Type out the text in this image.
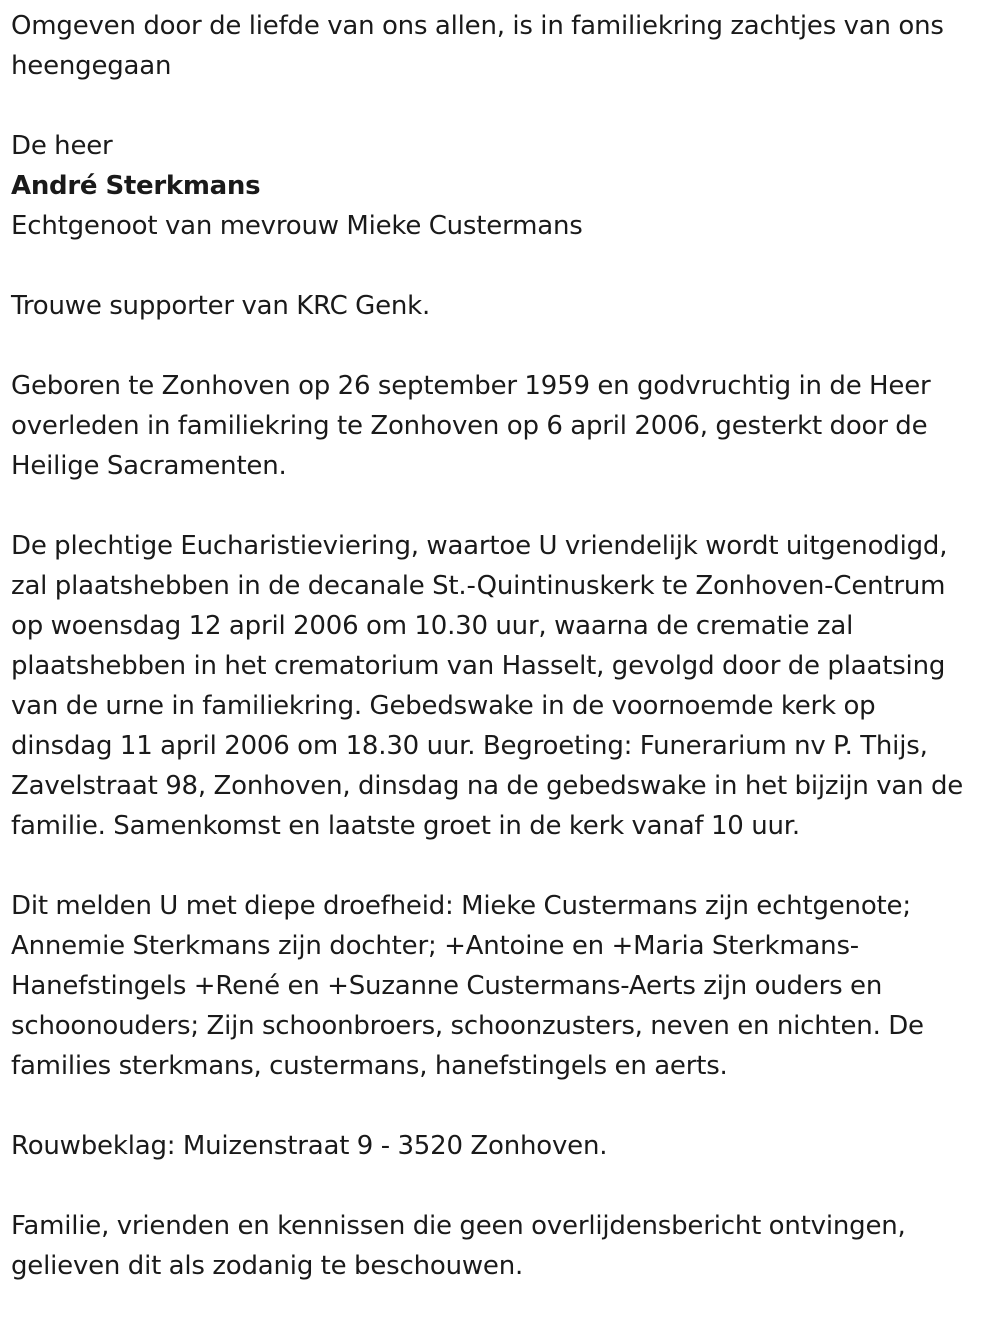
Omgeven door de liefde van ons allen, is in familiekring zachtjes van ons heengegaan

De heer

André Sterkmans

Echtgenoot van mevrouw Mieke Custermans

Trouwe supporter van KRC Genk.

Geboren te Zonhoven op 26 september 1959 en godvruchtig in de Heer overleden in familiekring te Zonhoven op 6 april 2006, gesterkt door de Heilige Sacramenten.

De plechtige Eucharistieviering, waartoe U vriendelijk wordt uitgenodigd, zal plaatshebben in de decanale St.-Quintinuskerk te Zonhoven-Centrum op woensdag 12 april 2006 om 10.30 uur, waarna de crematie zal plaatshebben in het crematorium van Hasselt, gevolgd door de plaatsing van de urne in familiekring. Gebedswake in de voornoemde kerk op dinsdag 11 april 2006 om 18.30 uur. Begroeting: Funerarium nv P. Thijs, Zavelstraat 98, Zonhoven, dinsdag na de gebedswake in het bijzijn van de familie. Samenkomst en laatste groet in de kerk vanaf 10 uur.

Dit melden U met diepe droefheid: Mieke Custermans zijn echtgenote; Annemie Sterkmans zijn dochter; +Antoine en +Maria Sterkmans-Hanefstingels +René en +Suzanne Custermans-Aerts zijn ouders en schoonouders; Zijn schoonbroers, schoonzusters, neven en nichten. De families sterkmans, custermans, hanefstingels en aerts.

Rouwbeklag: Muizenstraat 9 - 3520 Zonhoven.

Familie, vrienden en kennissen die geen overlijdensbericht ontvingen, gelieven dit als zodanig te beschouwen.
